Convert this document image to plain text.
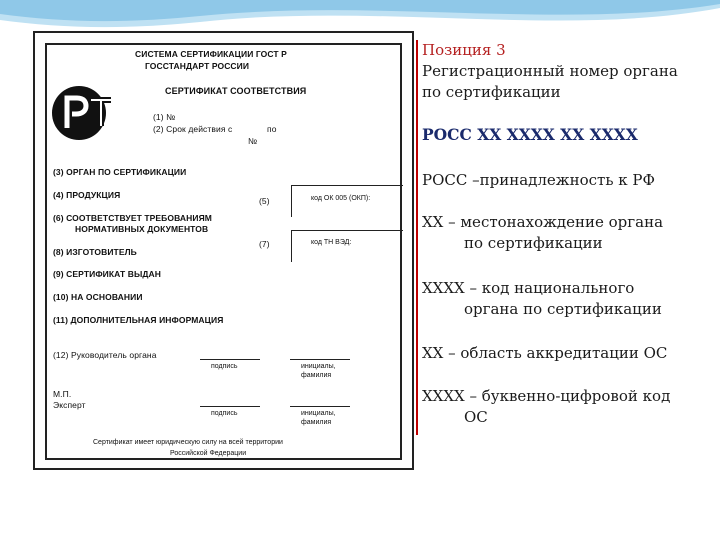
СИСТЕМА СЕРТИФИКАЦИИ ГОСТ Р
ГОССТАНДАРТ РОССИИ
СЕРТИФИКАТ СООТВЕТСТВИЯ
(1) №
(2) Срок действия с	по
№
(3) ОРГАН ПО СЕРТИФИКАЦИИ
(4) ПРОДУКЦИЯ
(5)	код ОК 005 (ОКП):
(6) СООТВЕТСТВУЕТ ТРЕБОВАНИЯМ
НОРМАТИВНЫХ ДОКУМЕНТОВ
(7)	код ТН ВЭД:
(8) ИЗГОТОВИТЕЛЬ
(9) СЕРТИФИКАТ ВЫДАН
(10) НА ОСНОВАНИИ
(11) ДОПОЛНИТЕЛЬНАЯ ИНФОРМАЦИЯ
(12) Руководитель органа
подпись	инициалы,
фамилия
М.П.
Эксперт
подпись	инициалы,
фамилия
Сертификат имеет юридическую силу на всей территории
Российской Федерации
Позиция 3
Регистрационный номер органа
по сертификации
РОСС XX XXXX XX XXXX
РОСС –принадлежность к РФ
XX – местонахождение органа
по сертификации
XXXX – код национального
органа по сертификации
XX – область аккредитации ОС
XXXX – буквенно-цифровой код
ОС
